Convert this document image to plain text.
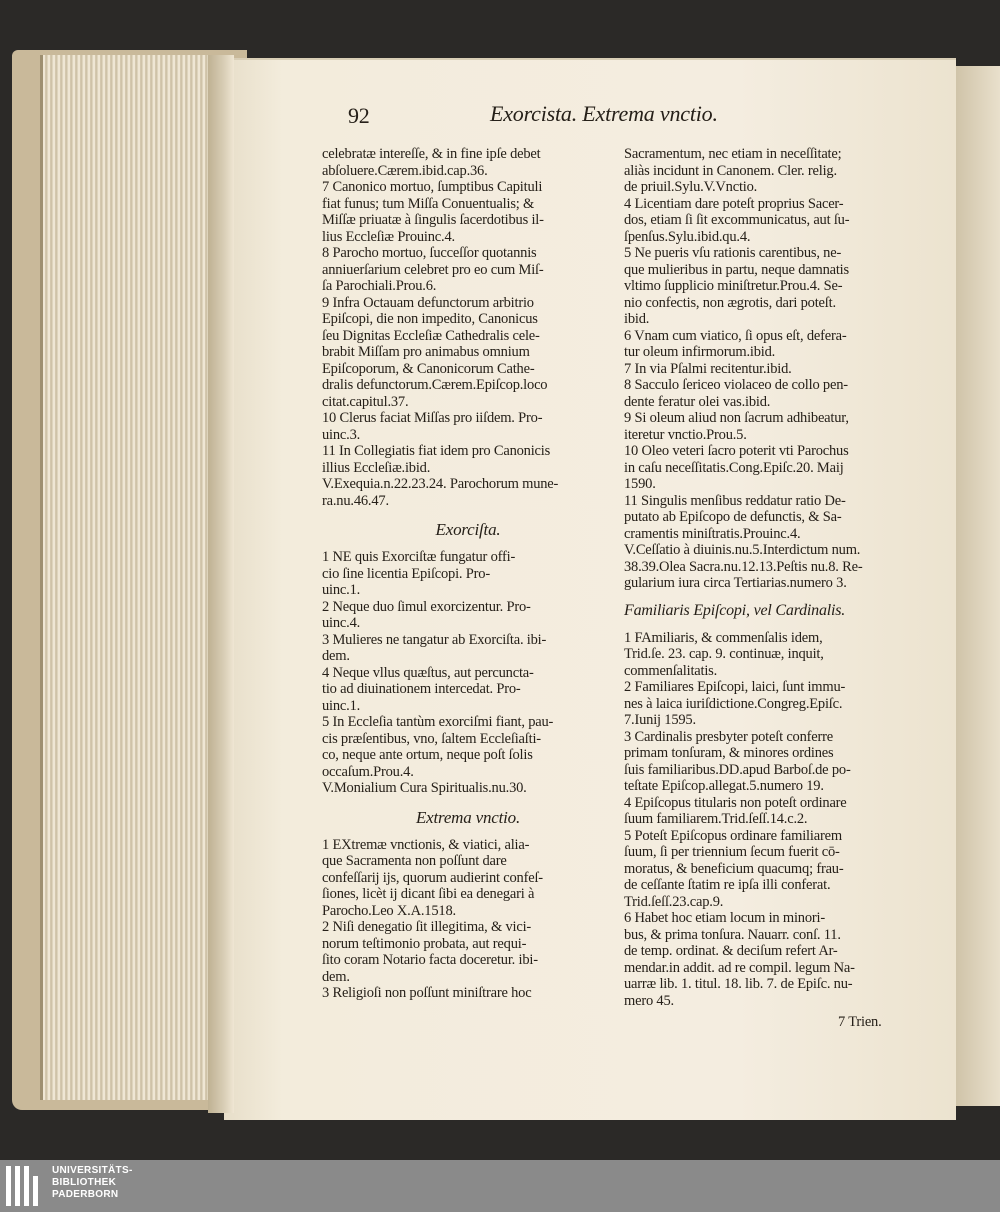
92	Exorcista. Extrema vnctio.
celebratæ intereſſe, & in fine ipſe debet
abſoluere.Cærem.ibid.cap.36.
7 Canonico mortuo, ſumptibus Capituli
fiat funus; tum Miſſa Conuentualis; &
Miſſæ priuatæ à ſingulis ſacerdotibus il-
lius Eccleſiæ Prouinc.4.
8 Parocho mortuo, ſucceſſor quotannis
anniuerſarium celebret pro eo cum Miſ-
ſa Parochiali.Prou.6.
9 Infra Octauam defunctorum arbitrio
Epiſcopi, die non impedito, Canonicus
ſeu Dignitas Eccleſiæ Cathedralis cele-
brabit Miſſam pro animabus omnium
Epiſcoporum, & Canonicorum Cathe-
dralis defunctorum.Cærem.Epiſcop.loco
citat.capitul.37.
10 Clerus faciat Miſſas pro iiſdem. Pro-
uinc.3.
11 In Collegiatis fiat idem pro Canonicis
illius Eccleſiæ.ibid.
V.Exequia.n.22.23.24. Parochorum mune-
ra.nu.46.47.
Exorciſta.
1 NE quis Exorciſtæ fungatur offi-
cio ſine licentia Epiſcopi. Pro-
uinc.1.
2 Neque duo ſimul exorcizentur. Pro-
uinc.4.
3 Mulieres ne tangatur ab Exorciſta. ibi-
dem.
4 Neque vllus quæſtus, aut percuncta-
tio ad diuinationem intercedat. Pro-
uinc.1.
5 In Eccleſia tantùm exorciſmi fiant, pau-
cis præſentibus, vno, ſaltem Eccleſiaſti-
co, neque ante ortum, neque poſt ſolis
occaſum.Prou.4.
V.Monialium Cura Spiritualis.nu.30.
Extrema vnctio.
1 EXtremæ vnctionis, & viatici, alia-
que Sacramenta non poſſunt dare
confeſſarij ijs, quorum audierint confeſ-
ſiones, licèt ij dicant ſibi ea denegari à
Parocho.Leo X.A.1518.
2 Niſi denegatio ſit illegitima, & vici-
norum teſtimonio probata, aut requi-
ſito coram Notario facta doceretur. ibi-
dem.
3 Religioſi non poſſunt miniſtrare hoc
Sacramentum, nec etiam in neceſſitate;
aliàs incidunt in Canonem. Cler. relig.
de priuil.Sylu.V.Vnctio.
4 Licentiam dare poteſt proprius Sacer-
dos, etiam ſi ſit excommunicatus, aut ſu-
ſpenſus.Sylu.ibid.qu.4.
5 Ne pueris vſu rationis carentibus, ne-
que mulieribus in partu, neque damnatis
vltimo ſupplicio miniſtretur.Prou.4. Se-
nio confectis, non ægrotis, dari poteſt.
ibid.
6 Vnam cum viatico, ſi opus eſt, defera-
tur oleum infirmorum.ibid.
7 In via Pſalmi recitentur.ibid.
8 Sacculo ſericeo violaceo de collo pen-
dente feratur olei vas.ibid.
9 Si oleum aliud non ſacrum adhibeatur,
iteretur vnctio.Prou.5.
10 Oleo veteri ſacro poterit vti Parochus
in caſu neceſſitatis.Cong.Epiſc.20. Maij
1590.
11 Singulis menſibus reddatur ratio De-
putato ab Epiſcopo de defunctis, & Sa-
cramentis miniſtratis.Prouinc.4.
V.Ceſſatio à diuinis.nu.5.Interdictum num.
38.39.Olea Sacra.nu.12.13.Peſtis nu.8. Re-
gularium iura circa Tertiarias.numero 3.
Familiaris Epiſcopi, vel Cardinalis.
1 FAmiliaris, & commenſalis idem,
Trid.ſe. 23. cap. 9. continuæ, inquit,
commenſalitatis.
2 Familiares Epiſcopi, laici, ſunt immu-
nes à laica iuriſdictione.Congreg.Epiſc.
7.Iunij 1595.
3 Cardinalis presbyter poteſt conferre
primam tonſuram, & minores ordines
ſuis familiaribus.DD.apud Barboſ.de po-
teſtate Epiſcop.allegat.5.numero 19.
4 Epiſcopus titularis non poteſt ordinare
ſuum familiarem.Trid.ſeſſ.14.c.2.
5 Poteſt Epiſcopus ordinare familiarem
ſuum, ſi per triennium ſecum fuerit cō-
moratus, & beneficium quacumq; frau-
de ceſſante ſtatim re ipſa illi conferat.
Trid.ſeſſ.23.cap.9.
6 Habet hoc etiam locum in minori-
bus, & prima tonſura. Nauarr. conſ. 11.
de temp. ordinat. & deciſum refert Ar-
mendar.in addit. ad re compil. legum Na-
uarræ lib. 1. titul. 18. lib. 7. de Epiſc. nu-
mero 45.
7 Trien.
UNIVERSITÄTS-
BIBLIOTHEK
PADERBORN
